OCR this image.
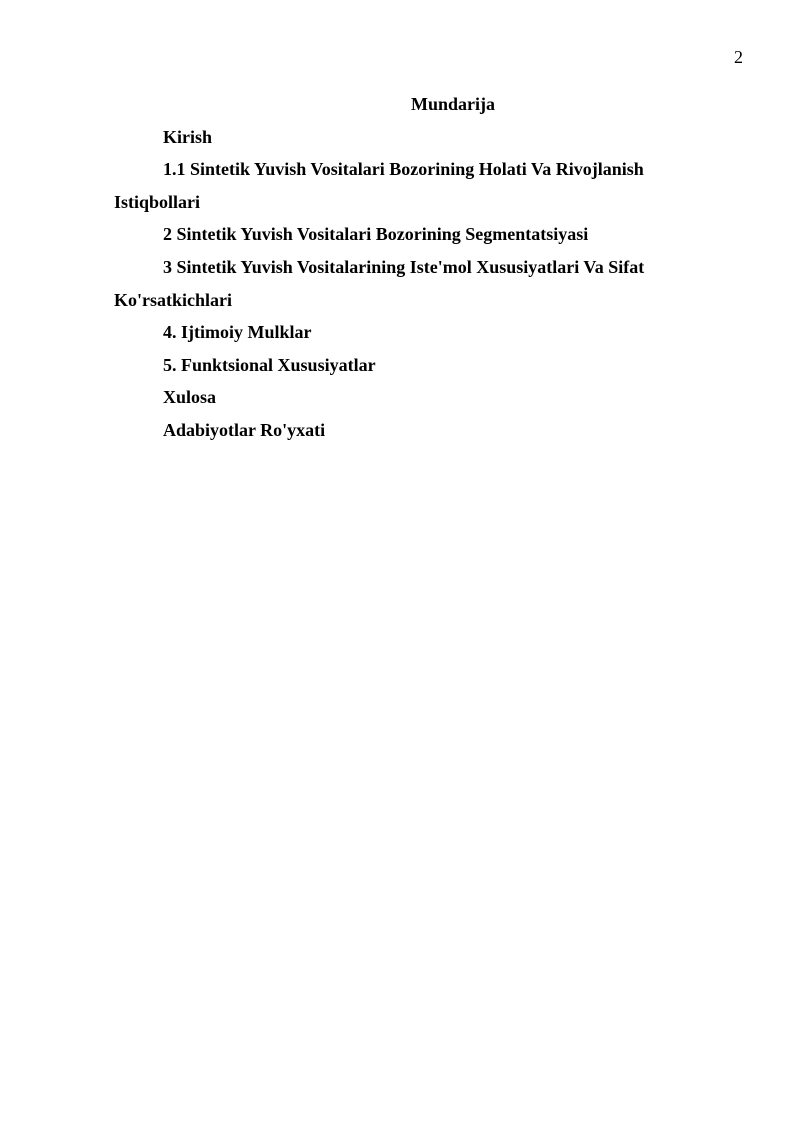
2
Mundarija
Kirish
1.1 Sintetik Yuvish Vositalari Bozorining Holati Va Rivojlanish Istiqbollari
2 Sintetik Yuvish Vositalari Bozorining Segmentatsiyasi
3 Sintetik Yuvish Vositalarining Iste'mol Xususiyatlari Va Sifat Ko'rsatkichlari
4. Ijtimoiy Mulklar
5. Funktsional Xususiyatlar
Xulosa
Adabiyotlar Ro'yxati
